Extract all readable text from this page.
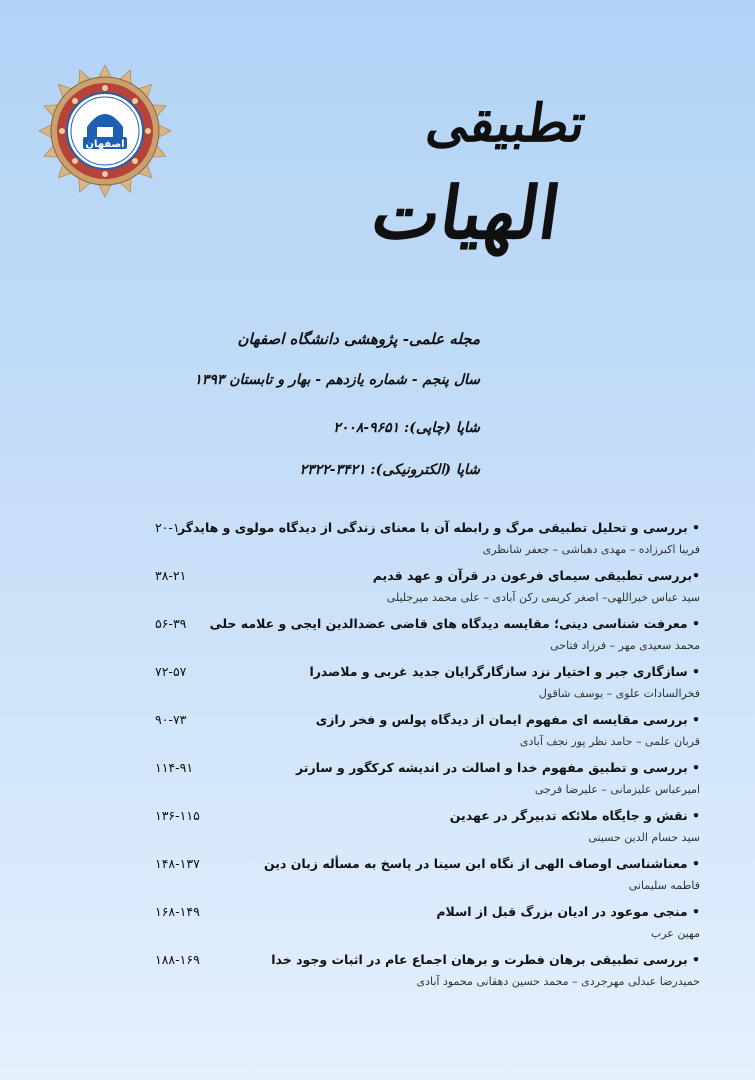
اصفهان	تطبیقی
الهیات
مجله علمی- پژوهشی دانشگاه اصفهان
سال پنجم - شماره یازدهم - بهار و تابستان ۱۳۹۳
شاپا (چاپی): ۹۶۵۱-۲۰۰۸
شاپا (الکترونیکی): ۳۴۲۱-۲۳۲۲
• بررسی و تحلیل تطبیقی مرگ و رابطه آن با معنای زندگی از دیدگاه مولوی و هایدگر
۲۰-۱
فریبا اکبرزاده – مهدی دهباشی – جعفر شانظری
•بررسی تطبیقی سیمای فرعون در قرآن و عهد قدیم
۳۸-۲۱
سید عباس خیراللهی– اصغر کریمی رکن آبادی – علی محمد میرجلیلی
• معرفت شناسی دینی؛ مقایسه دیدگاه های قاضی عضدالدین ایجی و علامه حلی
۵۶-۳۹
محمد سعیدی مهر – فرزاد فتاحی
• سازگاری جبر و اختیار نزد سازگارگرایان جدید غربی و ملاصدرا
۷۲-۵۷
فخرالسادات علوی – یوسف شاقول
• بررسی مقایسه ای مفهوم ایمان از دیدگاه پولس و فخر رازی
۹۰-۷۳
قربان علمی – حامد نظر پور نجف آبادی
• بررسی و تطبیق مفهوم خدا و اصالت در اندیشه کرکگور و سارتر
۱۱۴-۹۱
امیرعباس علیزمانی – علیرضا فرجی
• نقش و جایگاه ملائکه تدبیرگر در عهدین
۱۳۶-۱۱۵
سید حسام الدین حسینی
• معناشناسی اوصاف الهی از نگاه ابن سینا در پاسخ به مسأله زبان دین
۱۴۸-۱۳۷
فاطمه سلیمانی
• منجی موعود در ادیان بزرگ قبل از اسلام
۱۶۸-۱۴۹
مهین عرب
• بررسی تطبیقی برهان فطرت و برهان اجماع عام در اثبات وجود خدا
۱۸۸-۱۶۹
حمیدرضا عبدلی مهرجردی – محمد حسین دهقانی محمود آبادی
